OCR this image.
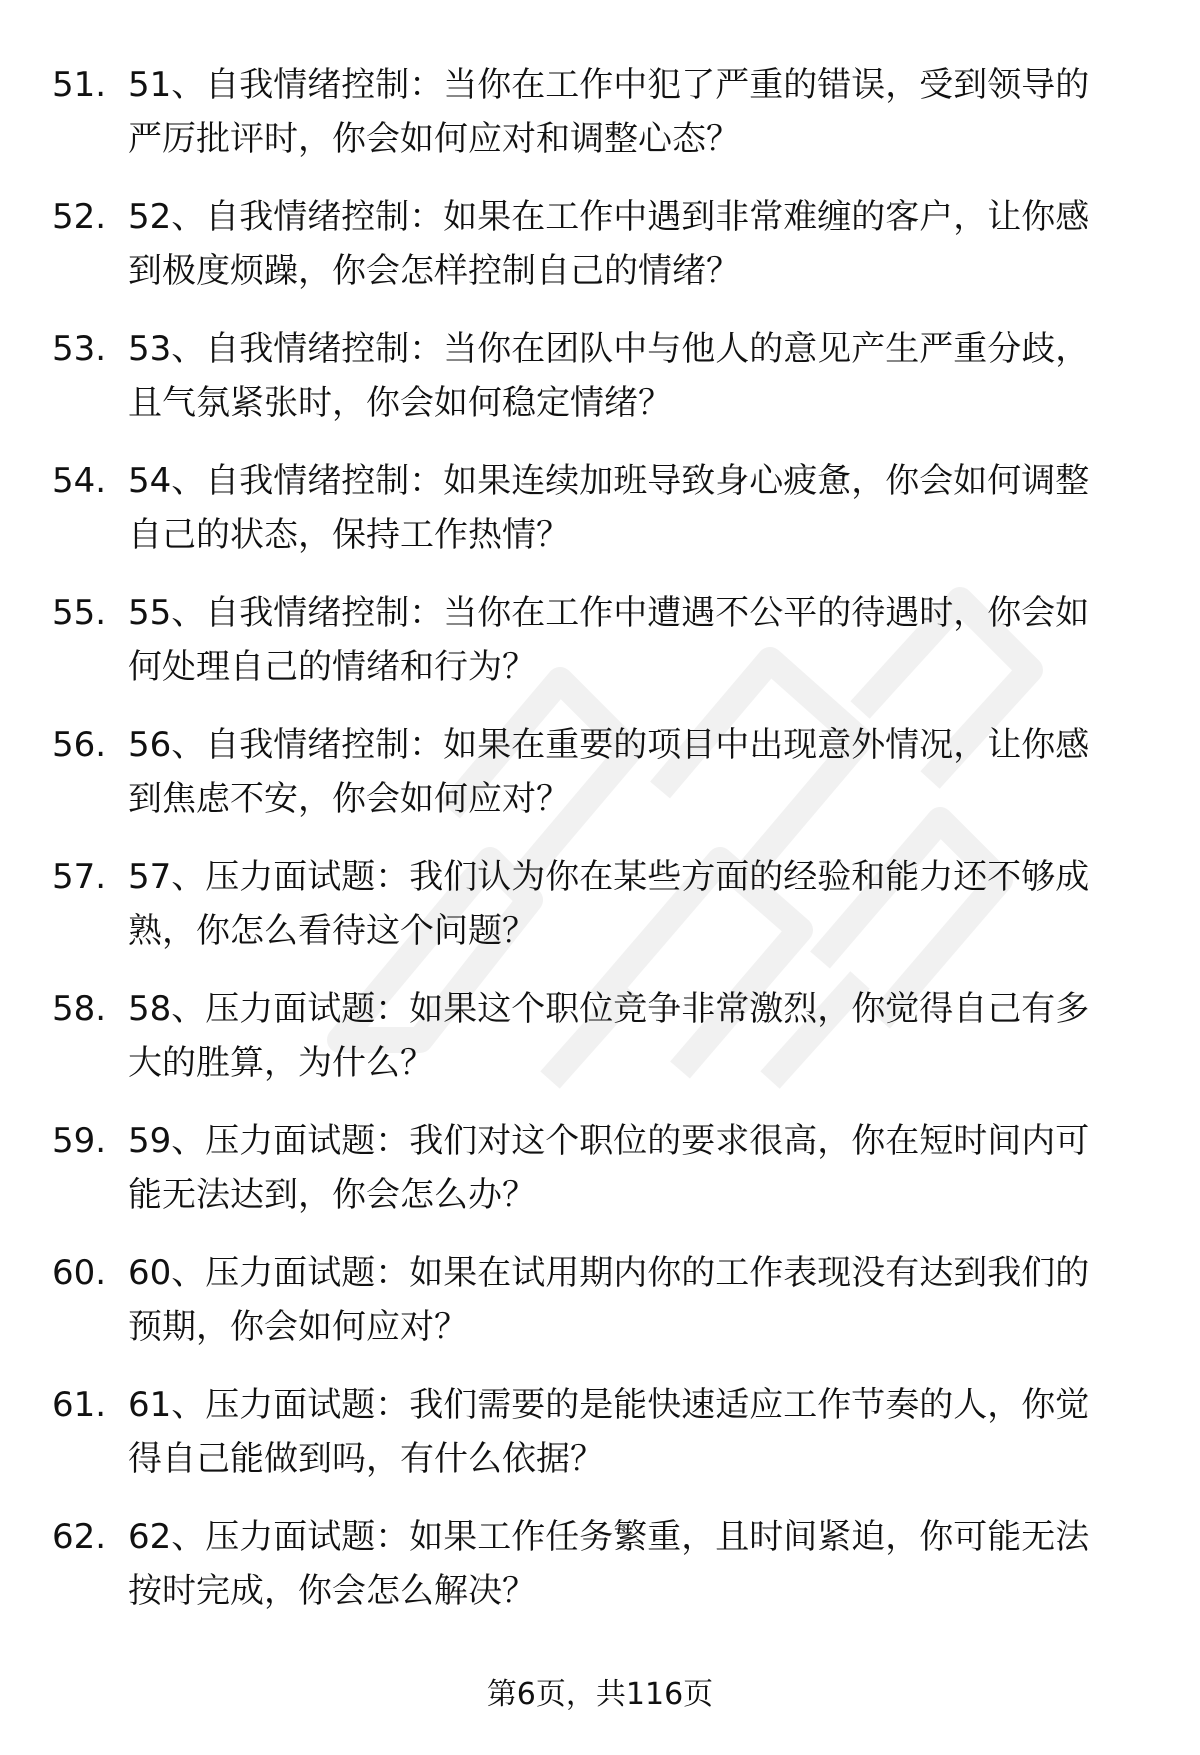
51. 51、自我情绪控制：当你在工作中犯了严重的错误，受到领导的
严厉批评时，你会如何应对和调整心态？
52. 52、自我情绪控制：如果在工作中遇到非常难缠的客户，让你感
到极度烦躁，你会怎样控制自己的情绪？
53. 53、自我情绪控制：当你在团队中与他人的意见产生严重分歧，
且气氛紧张时，你会如何稳定情绪？
54. 54、自我情绪控制：如果连续加班导致身心疲惫，你会如何调整
自己的状态，保持工作热情？
55. 55、自我情绪控制：当你在工作中遭遇不公平的待遇时，你会如
何处理自己的情绪和行为？
56. 56、自我情绪控制：如果在重要的项目中出现意外情况，让你感
到焦虑不安，你会如何应对？
57. 57、压力面试题：我们认为你在某些方面的经验和能力还不够成
熟，你怎么看待这个问题？
58. 58、压力面试题：如果这个职位竞争非常激烈，你觉得自己有多
大的胜算，为什么？
59. 59、压力面试题：我们对这个职位的要求很高，你在短时间内可
能无法达到，你会怎么办？
60. 60、压力面试题：如果在试用期内你的工作表现没有达到我们的
预期，你会如何应对？
61. 61、压力面试题：我们需要的是能快速适应工作节奏的人，你觉
得自己能做到吗，有什么依据？
62. 62、压力面试题：如果工作任务繁重，且时间紧迫，你可能无法
按时完成，你会怎么解决？
第6页，共116页
